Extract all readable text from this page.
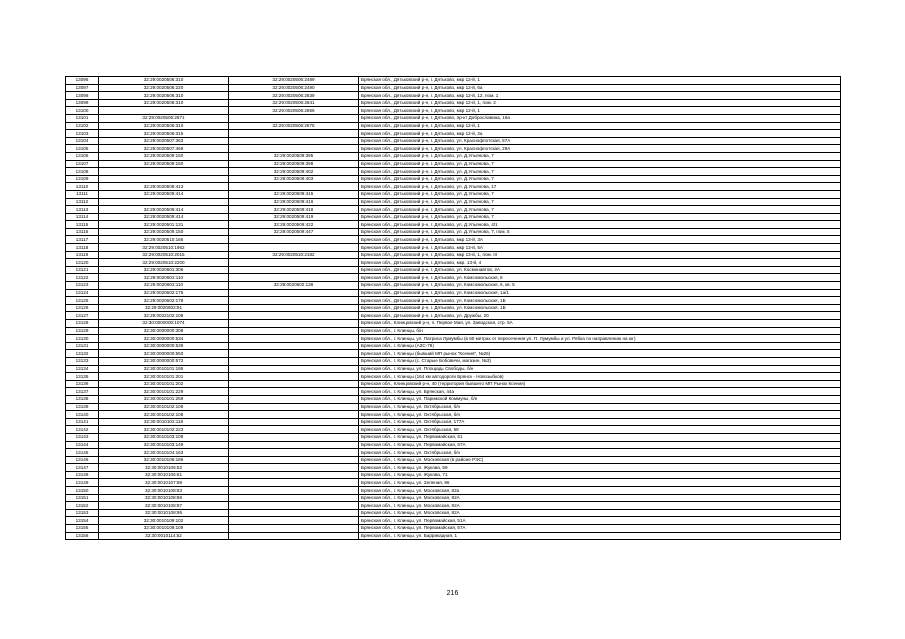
13096	32:29:0020506:310	32:29:0020506:2489	Брянская обл., Дятьковский р-н, г. Дятьково, мкр 12-й, 1
13097	32:29:0020506:220	32:29:0020506:2490	Брянская обл., Дятьковский р-н, г. Дятьково, мкр 12-й, 6а
13098	32:29:0020506:310	32:29:0020506:2839	Брянская обл., Дятьковский р-н, г. Дятьково, мкр 12-й, 12, пом. 1
13099	32:29:0020506:310	32:29:0020506:2841	Брянская обл., Дятьковский р-н, г. Дятьково, мкр 12-й, 1, пом. 2
13100		32:29:0020506:2866	Брянская обл., Дятьковский р-н, г. Дятьково, мкр 12-й, 1
13101	32:29:0020506:2871		Брянская обл., Дятьковский р-н, г. Дятьково, пр-кт Доброславина, 16а
13102	32:29:0020506:310	32:29:0020506:2875	Брянская обл., Дятьковский р-н, г. Дятьково, мкр 12-й, 1
13103	32:29:0020506:315		Брянская обл., Дятьковский р-н, г. Дятьково, мкр 12-й, 2а
13104	32:29:0020507:363		Брянская обл., Дятьковский р-н, г. Дятьково, ул. Краснофлотская, 57А
13105	32:29:0020507:469		Брянская обл., Дятьковский р-н, г. Дятьково, ул. Краснофлотская, 29А
13106	32:29:0020509:150	32:29:0020509:395	Брянская обл., Дятьковский р-н, г. Дятьково, ул. Д.Ульянова, 7
13107	32:29:0020509:150	32:29:0020509:398	Брянская обл., Дятьковский р-н, г. Дятьково, ул. Д.Ульянова, 7
13108		32:29:0020509:402	Брянская обл., Дятьковский р-н, г. Дятьково, ул. Д.Ульянова, 7
13109		32:29:0020509:403	Брянская обл., Дятьковский р-н, г. Дятьково, ул. Д.Ульянова, 7
13110	32:29:0020509:413		Брянская обл., Дятьковский р-н, г. Дятьково, ул. Д.Ульянова, 17
13111	32:29:0020509:414	32:29:0020509:415	Брянская обл., Дятьковский р-н, г. Дятьково, ул. Д.Ульянова, 7
13112		32:29:0020509:416	Брянская обл., Дятьковский р-н, г. Дятьково, ул. Д.Ульянова, 7
13113	32:29:0020509:414	32:29:0020509:418	Брянская обл., Дятьковский р-н, г. Дятьково, ул. Д.Ульянова, 7
13114	32:29:0020509:414	32:29:0020509:419	Брянская обл., Дятьковский р-н, г. Дятьково, ул. Д.Ульянова, 7
13115	32:29:0020501:131	32:29:0020509:422	Брянская обл., Дятьковский р-н, г. Дятьково, ул. Д.Ульянова, 4/1
13116	32:29:0020509:150	32:29:0020509:447	Брянская обл., Дятьковский р-н, г. Дятьково, ул. Д.Ульянова, 7, пом. 5
13117	32:29:0020510:166		Брянская обл., Дятьковский р-н, г. Дятьково, мкр 13-й, 3А
13118	32:29:0020510:1962		Брянская обл., Дятьковский р-н, г. Дятьково, мкр 13-й, 5А
13119	32:29:0020510:2015	32:29:0020510:2182	Брянская обл., Дятьковский р-н, г. Дятьково, мкр 13-й, 1, пом. III
13120	32:29:0020510:2200		Брянская обл., Дятьковский р-н, г. Дятьково, мкр. 13-й, 4
13121	32:29:0020601:306		Брянская обл., Дятьковский р-н, г. Дятьково, ул. Космонавтов, 2А
13122	32:29:0020602:110		Брянская обл., Дятьковский р-н, г. Дятьково, ул. Комсомольская, 6
13123	32:29:0020602:110	32:29:0020602:136	Брянская обл., Дятьковский р-н, г. Дятьково, ул. Комсомольская, 6, кв. 5
13124	32:29:0020602:175		Брянская обл., Дятьковский р-н, г. Дятьково, ул. Комсомольская, 1а/1
13125	32:29:0020602:178		Брянская обл., Дятьковский р-н, г. Дятьково, ул. Комсомольская, 1Б
13126	32:29:0020602:91		Брянская обл., Дятьковский р-н, г. Дятьково, ул. Комсомольская, 1Б
13127	32:29:0022102:108		Брянская обл., Дятьковский р-н, г. Дятьково, ул. Дружбы, 20
13128	32:30:0000000:1074		Брянская обл., Клинцовский р-н, п. Первое Мая, ул. Заводская, стр. 5А
13129	32:30:0000000:308		Брянская обл., г. Клинцы, б/н
13130	32:30:0000000:534		Брянская обл., г. Клинцы, ул. Патриса Лумумбы (в 60 метрах от пересечения ул. П. Лумумбы и ул. Рябка по направлению на юг)
13131	32:30:0000000:539		Брянская обл., г. Клинцы (АЗС-78)
13132	32:30:0000000:550		Брянская обл., г. Клинцы (бывший МП рынок "Ксения", №26)
13133	32:30:0000000:572		Брянская обл., г. Клинцы (с. Старые Бобовичи, магазин, №3)
13134	32:30:0010101:195		Брянская обл., г. Клинцы, ул. Площадь Свободы, б/н
13135	32:30:0010101:201		Брянская обл., г. Клинцы (164 км автодороги Брянск - Новозыбков)
13136	32:30:0010101:202		Брянская обл., Клинцовский р-н, 40 (территория бывшего МП Рынок Ксения)
13137	32:30:0010101:229		Брянская обл., г. Клинцы, ул. Брянская, 44а
13138	32:30:0010101:259		Брянская обл., г. Клинцы, ул. Парижской Коммуны, б/н
13139	32:30:0010102:106		Брянская обл., г. Клинцы, ул. Октябрьская, б/н
13140	32:30:0010102:108		Брянская обл., г. Клинцы, ул. Октябрьская, б/н
13141	32:30:0010102:118		Брянская обл., г. Клинцы, ул. Октябрьская, 177А
13142	32:30:0010102:223		Брянская обл., г. Клинцы, ул. Октябрьская, 68
13143	32:30:0010103:108		Брянская обл., г. Клинцы, ул. Первомайская, 51
13144	32:30:0010103:149		Брянская обл., г. Клинцы, ул. Первомайская, 57А
13145	32:30:0010104:163		Брянская обл., г. Клинцы, ул. Октябрьская, б/н
13146	32:30:0010106:186		Брянская обл., г. Клинцы, ул. Московская (в районе РЭС)
13147	32:30:0010106:52		Брянская обл., г. Клинцы, ул. Жукова, 59
13148	32:30:0010106:61		Брянская обл., г. Клинцы, ул. Жукова, 71
13149	32:30:0010107:98		Брянская обл., г. Клинцы, ул. Зеленая, 96
13150	32:30:0010108:83		Брянская обл., г. Клинцы, ул. Московская, 82а
13151	32:30:0010108:86		Брянская обл., г. Клинцы, ул. Московская, 82А
13152	32:30:0010108:87		Брянская обл., г. Клинцы, ул. Московская, 82А
13153	32:30:0010108:95		Брянская обл., г. Клинцы, ул. Московская, 82А
13154	32:30:0010109:102		Брянская обл., г. Клинцы, ул. Первомайская, 51А
13155	32:30:0010109:109		Брянская обл., г. Клинцы, ул. Первомайская, 57А
13156	32:30:0010114:52		Брянская обл., г. Клинцы, ул. Баррикадная, 1
216
